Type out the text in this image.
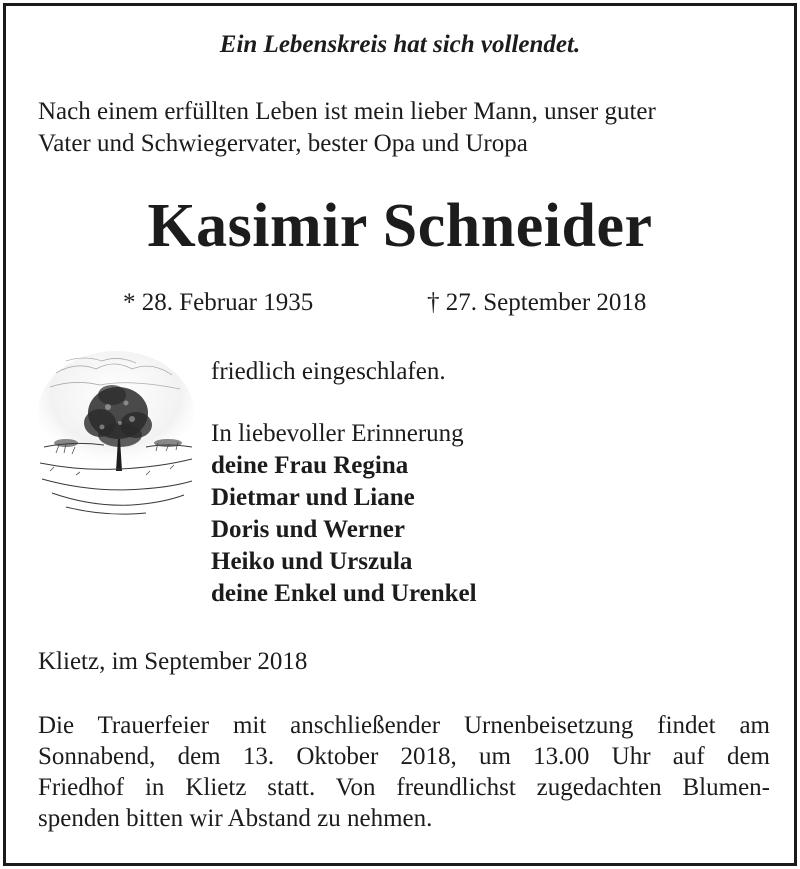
Ein Lebenskreis hat sich vollendet.

Nach einem erfüllten Leben ist mein lieber Mann, unser guter
Vater und Schwiegervater, bester Opa und Uropa
Kasimir Schneider

* 28. Februar 1935	† 27. September 2018

friedlich eingeschlafen.
In liebevoller Erinnerung
deine Frau Regina
Dietmar und Liane
Doris und Werner
Heiko und Urszula
deine Enkel und Urenkel

Klietz, im September 2018

Die Trauerfeier mit anschließender Urnenbeisetzung findet am
Sonnabend, dem 13. Oktober 2018, um 13.00 Uhr auf dem
Friedhof in Klietz statt. Von freundlichst zugedachten Blumen-
spenden bitten wir Abstand zu nehmen.
